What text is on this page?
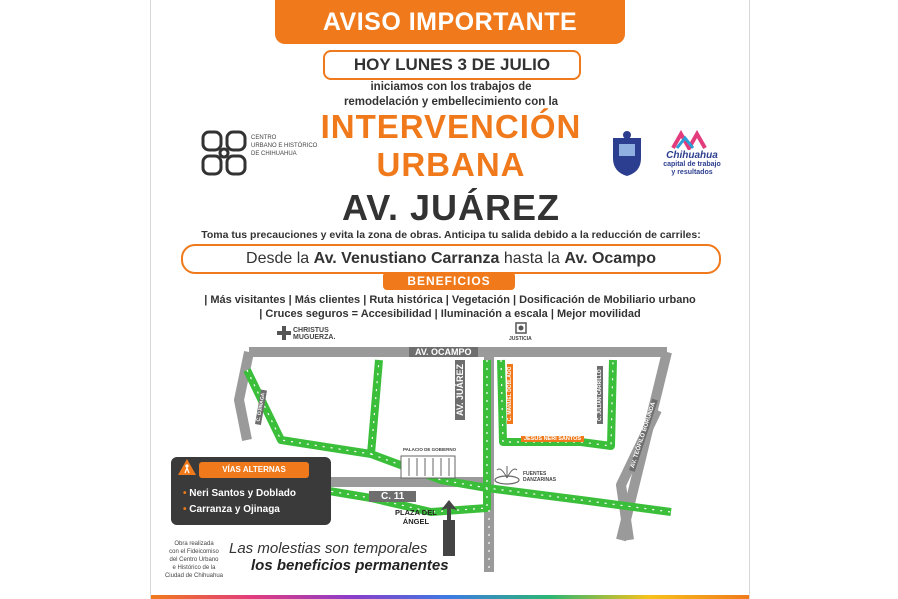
AVISO IMPORTANTE
HOY LUNES 3 DE JULIO
iniciamos con los trabajos de
remodelación y embellecimiento con la
INTERVENCIÓN
URBANA
AV. JUÁREZ
CENTRO
URBANO E HISTÓRICO
DE CHIHUAHUA	Chihuahua
capital de trabajo
y resultados
Toma tus precauciones y evita la zona de obras. Anticipa tu salida debido a la reducción de carriles:
Desde la Av. Venustiano Carranza hasta la Av. Ocampo
BENEFICIOS
| Más visitantes | Más clientes | Ruta histórica | Vegetación | Dosificación de Mobiliario urbano
| Cruces seguros = Accesibilidad | Iluminación a escala | Mejor movilidad
CHRISTUS
MUGUERZA.	JUSTICIA
AV. OCAMPO
AV. JUÁREZ
C. 11
JESÚS NERI SANTOS
C. MANUEL DOBLADO	C. JULIÁN CARRILLO
AV. TEÓFILO BORUNDA
C. OJINAGA
PALACIO DE GOBIERNO
FUENTES
DANZARINAS
PLAZA DEL
ÁNGEL
VÍAS ALTERNAS
• Neri Santos y Doblado
• Carranza y Ojinaga
Obra realizada
con el Fideicomiso
del Centro Urbano
e Histórico de la
Ciudad de Chihuahua
Las molestias son temporales
los beneficios permanentes
